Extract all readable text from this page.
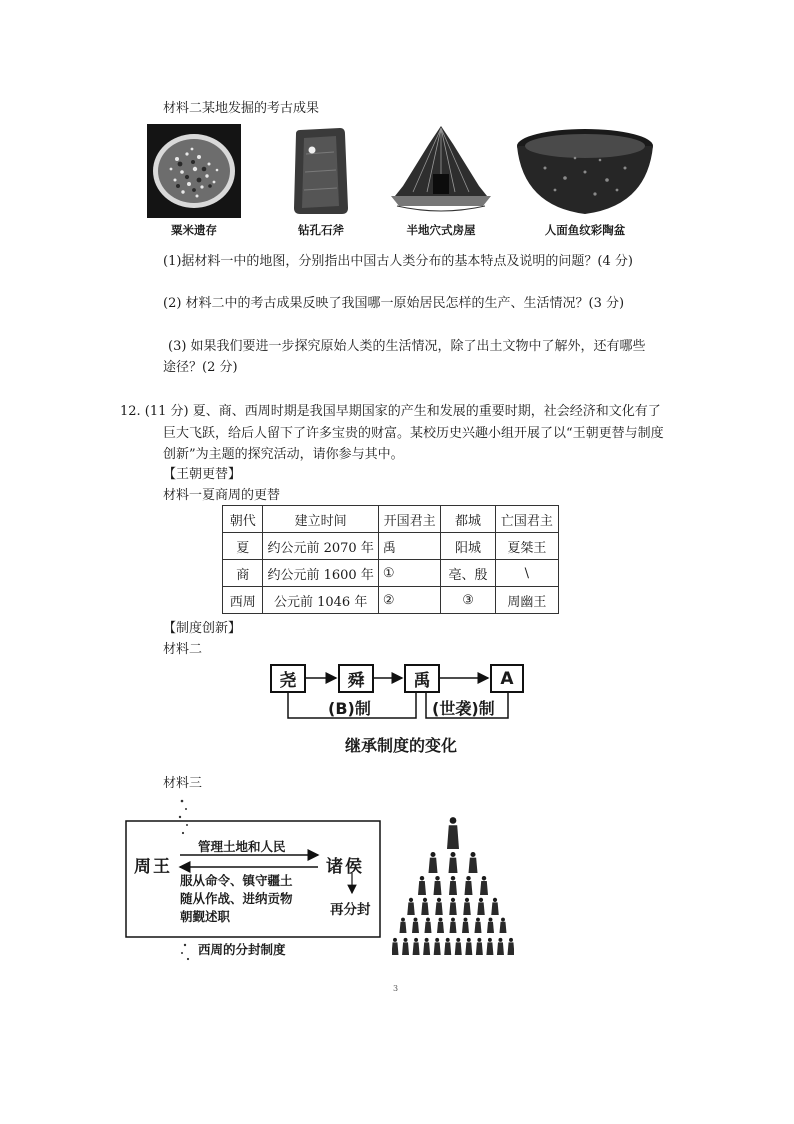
材料二某地发掘的考古成果
粟米遗存	钻孔石斧	半地穴式房屋	人面鱼纹彩陶盆
(1)据材料一中的地图，分别指出中国古人类分布的基本特点及说明的问题？(4 分)
(2) 材料二中的考古成果反映了我国哪一原始居民怎样的生产、生活情况？(3 分)
(3) 如果我们要进一步探究原始人类的生活情况，除了出土文物中了解外，还有哪些
途径？(2 分)
12. (11 分) 夏、商、西周时期是我国早期国家的产生和发展的重要时期，社会经济和文化有了
巨大飞跃，给后人留下了许多宝贵的财富。某校历史兴趣小组开展了以“王朝更替与制度
创新”为主题的探究活动，请你参与其中。
【王朝更替】
材料一夏商周的更替
朝代	建立时间	开国君主	都城	亡国君主
夏	约公元前 2070 年	禹	阳城	夏桀王
商	约公元前 1600 年	①	亳、殷	\
西周	公元前 1046 年	②	③	周幽王
【制度创新】
材料二
尧	舜	禹	A
(B)制	(世袭)制
继承制度的变化
材料三
管理土地和人民
周王	诸侯
服从命令、镇守疆土
随从作战、进纳贡物
朝觐述职	再分封
西周的分封制度
3
